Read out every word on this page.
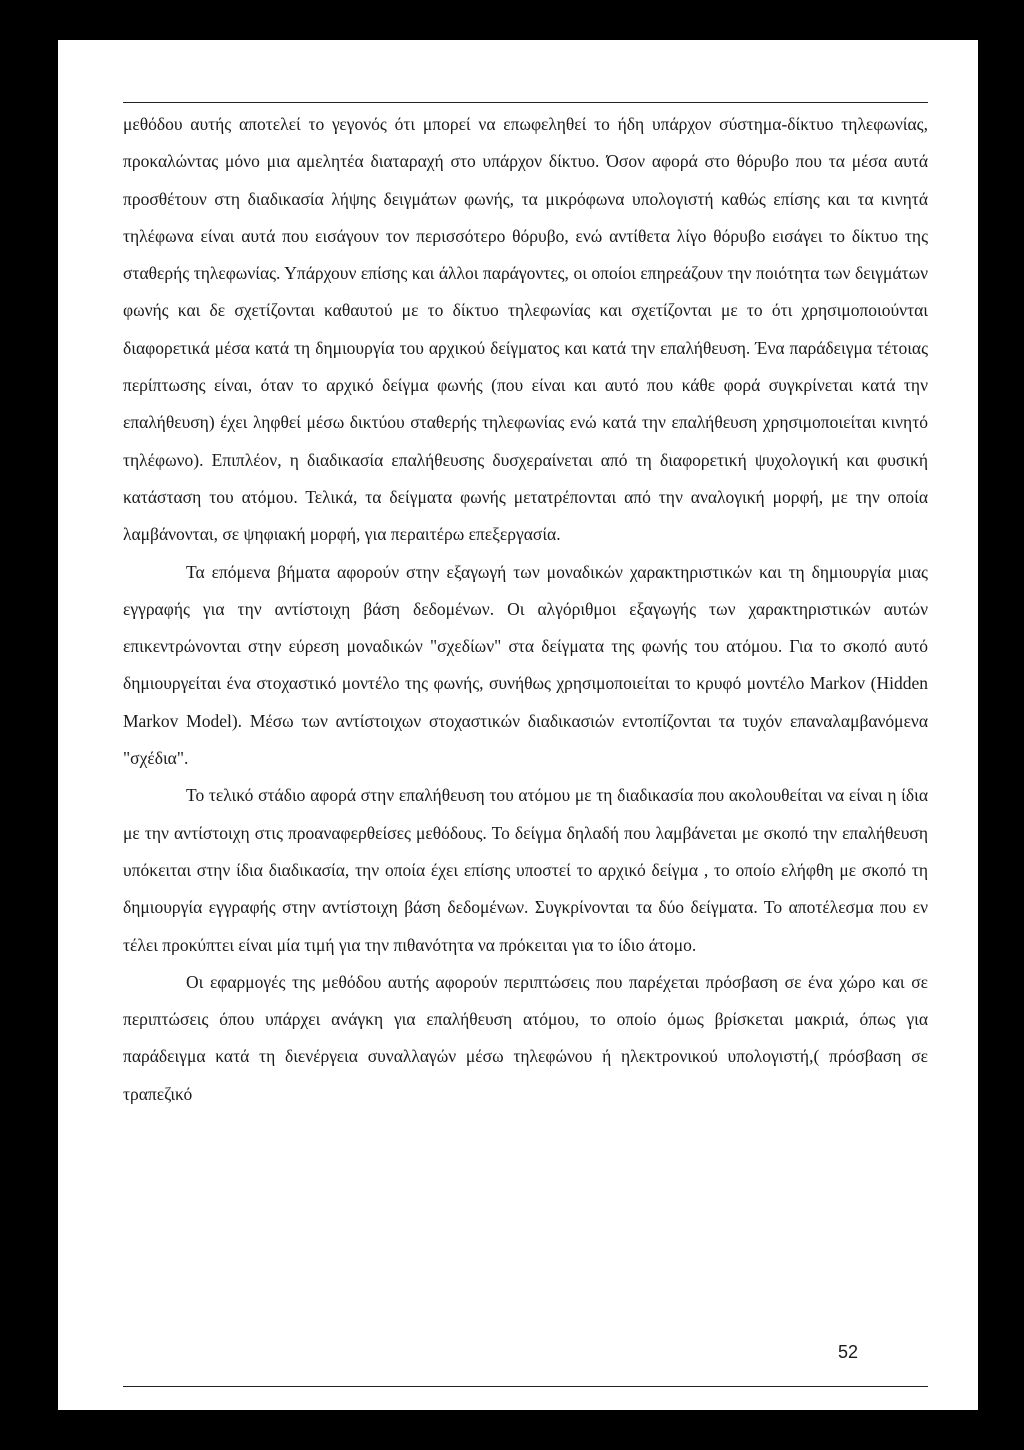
μεθόδου αυτής αποτελεί το γεγονός ότι μπορεί να επωφεληθεί το ήδη υπάρχον σύστημα-δίκτυο τηλεφωνίας, προκαλώντας μόνο μια αμελητέα διαταραχή στο υπάρχον δίκτυο. Όσον αφορά στο θόρυβο που τα μέσα αυτά προσθέτουν στη διαδικασία λήψης δειγμάτων φωνής, τα μικρόφωνα υπολογιστή καθώς επίσης και τα κινητά τηλέφωνα είναι αυτά που εισάγουν τον περισσότερο θόρυβο, ενώ αντίθετα λίγο θόρυβο εισάγει το δίκτυο της σταθερής τηλεφωνίας. Υπάρχουν επίσης και άλλοι παράγοντες, οι οποίοι επηρεάζουν την ποιότητα των δειγμάτων φωνής και δε σχετίζονται καθαυτού με το δίκτυο τηλεφωνίας και σχετίζονται με το ότι χρησιμοποιούνται διαφορετικά μέσα κατά τη δημιουργία του αρχικού δείγματος και κατά την επαλήθευση. Ένα παράδειγμα τέτοιας περίπτωσης είναι, όταν το αρχικό δείγμα φωνής (που είναι και αυτό που κάθε φορά συγκρίνεται κατά την επαλήθευση) έχει ληφθεί μέσω δικτύου σταθερής τηλεφωνίας ενώ κατά την επαλήθευση χρησιμοποιείται κινητό τηλέφωνο). Επιπλέον, η διαδικασία επαλήθευσης δυσχεραίνεται από τη διαφορετική ψυχολογική και φυσική κατάσταση του ατόμου. Τελικά, τα δείγματα φωνής μετατρέπονται από την αναλογική μορφή, με την οποία λαμβάνονται, σε ψηφιακή μορφή, για περαιτέρω επεξεργασία.

Τα επόμενα βήματα αφορούν στην εξαγωγή των μοναδικών χαρακτηριστικών και τη δημιουργία μιας εγγραφής για την αντίστοιχη βάση δεδομένων. Οι αλγόριθμοι εξαγωγής των χαρακτηριστικών αυτών επικεντρώνονται στην εύρεση μοναδικών "σχεδίων" στα δείγματα της φωνής του ατόμου. Για το σκοπό αυτό δημιουργείται ένα στοχαστικό μοντέλο της φωνής, συνήθως χρησιμοποιείται το κρυφό μοντέλο Markov (Hidden Markov Model). Μέσω των αντίστοιχων στοχαστικών διαδικασιών εντοπίζονται τα τυχόν επαναλαμβανόμενα "σχέδια".

Το τελικό στάδιο αφορά στην επαλήθευση του ατόμου με τη διαδικασία που ακολουθείται να είναι η ίδια με την αντίστοιχη στις προαναφερθείσες μεθόδους. Το δείγμα δηλαδή που λαμβάνεται με σκοπό την επαλήθευση υπόκειται στην ίδια διαδικασία, την οποία έχει επίσης υποστεί το αρχικό δείγμα , το οποίο ελήφθη με σκοπό τη δημιουργία εγγραφής στην αντίστοιχη βάση δεδομένων. Συγκρίνονται τα δύο δείγματα. Το αποτέλεσμα που εν τέλει προκύπτει είναι μία τιμή για την πιθανότητα να πρόκειται για το ίδιο άτομο.

Οι εφαρμογές της μεθόδου αυτής αφορούν περιπτώσεις που παρέχεται πρόσβαση σε ένα χώρο και σε περιπτώσεις όπου υπάρχει ανάγκη για επαλήθευση ατόμου, το οποίο όμως βρίσκεται μακριά, όπως για παράδειγμα κατά τη διενέργεια συναλλαγών μέσω τηλεφώνου ή ηλεκτρονικού υπολογιστή,( πρόσβαση σε τραπεζικό

52
